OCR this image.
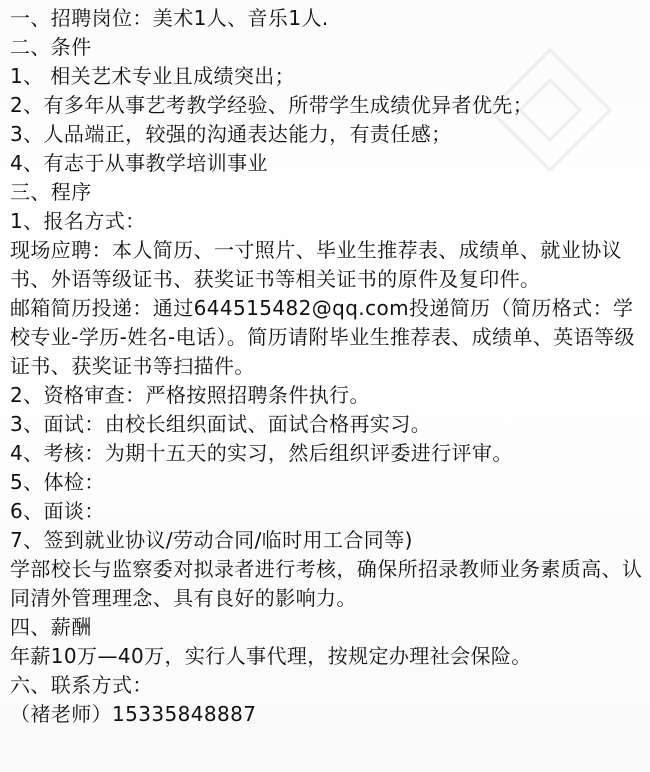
一、招聘岗位：美术1人、音乐1人.

二、条件

1、 相关艺术专业且成绩突出；

2、有多年从事艺考教学经验、所带学生成绩优异者优先；

3、人品端正，较强的沟通表达能力，有责任感；

4、有志于从事教学培训事业

三、程序

1、报名方式：

现场应聘：本人简历、一寸照片、毕业生推荐表、成绩单、就业协议书、外语等级证书、获奖证书等相关证书的原件及复印件。

邮箱简历投递：通过644515482@qq.com投递简历（简历格式：学校专业-学历-姓名-电话）。简历请附毕业生推荐表、成绩单、英语等级证书、获奖证书等扫描件。

2、资格审查：严格按照招聘条件执行。

3、面试：由校长组织面试、面试合格再实习。

4、考核：为期十五天的实习，然后组织评委进行评审。

5、体检：

6、面谈：

7、签到就业协议/劳动合同/临时用工合同等)

学部校长与监察委对拟录者进行考核，确保所招录教师业务素质高、认同清外管理理念、具有良好的影响力。

四、薪酬

年薪10万—40万，实行人事代理，按规定办理社会保险。

六、联系方式：

（褚老师）15335848887
